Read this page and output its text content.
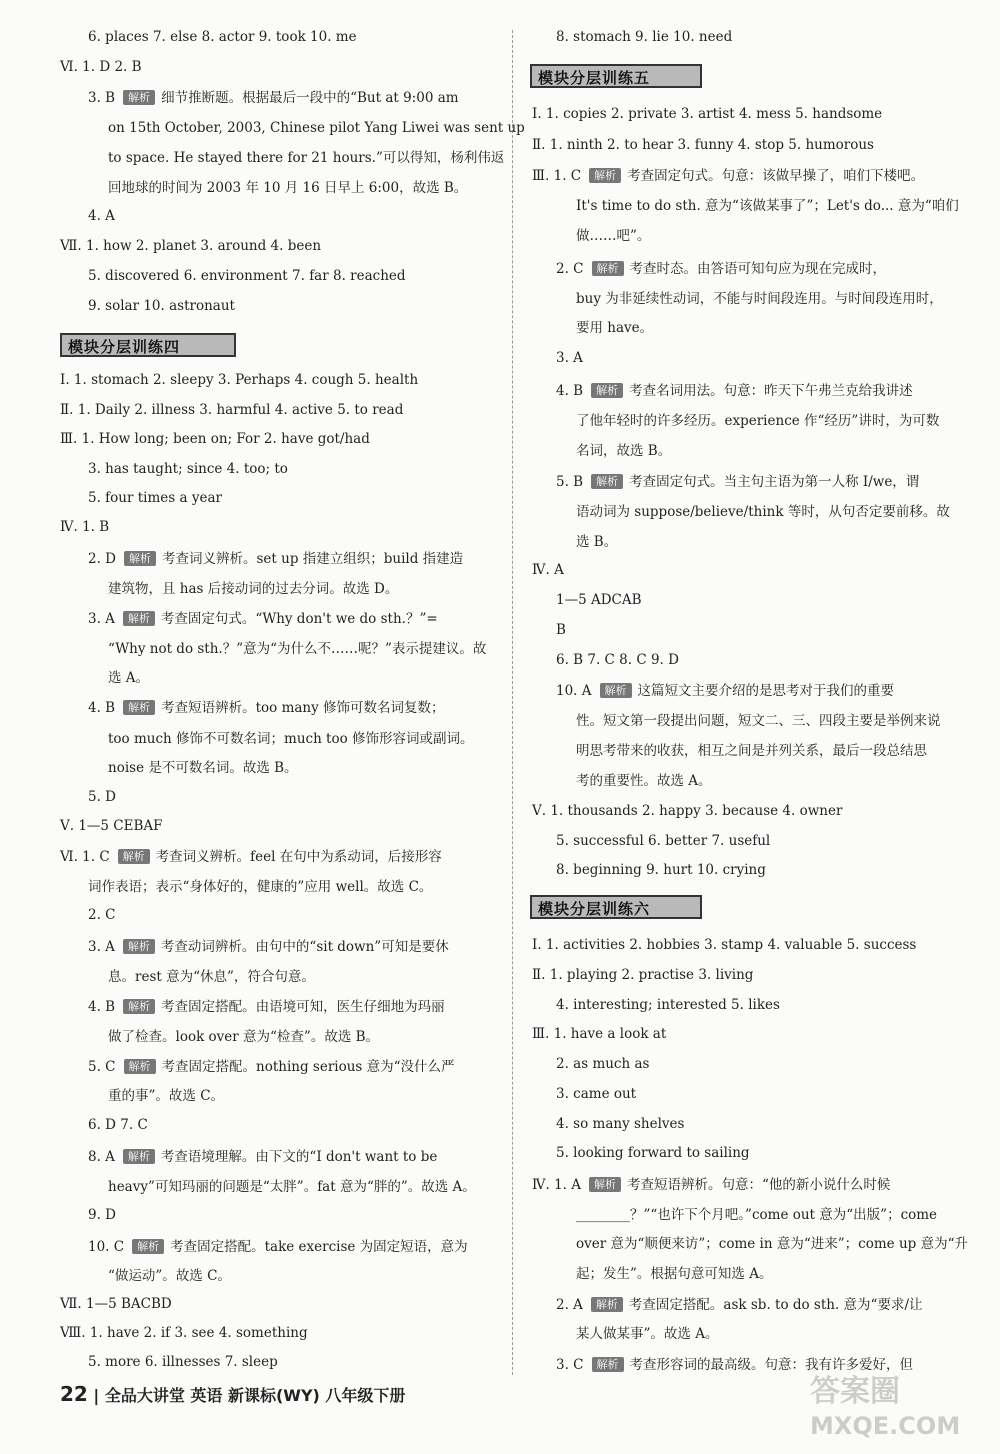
6. places 7. else 8. actor 9. took 10. me
Ⅵ. 1. D 2. B
3. B 解析 细节推断题。根据最后一段中的“But at 9:00 am
on 15th October, 2003, Chinese pilot Yang Liwei was sent up
to space. He stayed there for 21 hours.”可以得知，杨利伟返
回地球的时间为 2003 年 10 月 16 日早上 6:00，故选 B。
4. A
Ⅶ. 1. how 2. planet 3. around 4. been
5. discovered 6. environment 7. far 8. reached
9. solar 10. astronaut
Ⅰ. 1. stomach 2. sleepy 3. Perhaps 4. cough 5. health
Ⅱ. 1. Daily 2. illness 3. harmful 4. active 5. to read
Ⅲ. 1. How long; been on; For 2. have got/had
3. has taught; since 4. too; to
5. four times a year
Ⅳ. 1. B
2. D 解析 考查词义辨析。set up 指建立组织；build 指建造
建筑物，且 has 后接动词的过去分词。故选 D。
3. A 解析 考查固定句式。“Why don't we do sth.？”=
“Why not do sth.？”意为“为什么不……呢？”表示提建议。故
选 A。
4. B 解析 考查短语辨析。too many 修饰可数名词复数；
too much 修饰不可数名词；much too 修饰形容词或副词。
noise 是不可数名词。故选 B。
5. D
Ⅴ. 1—5 CEBAF
Ⅵ. 1. C 解析 考查词义辨析。feel 在句中为系动词，后接形容
词作表语；表示“身体好的，健康的”应用 well。故选 C。
2. C
3. A 解析 考查动词辨析。由句中的“sit down”可知是要休
息。rest 意为“休息”，符合句意。
4. B 解析 考查固定搭配。由语境可知，医生仔细地为玛丽
做了检查。look over 意为“检查”。故选 B。
5. C 解析 考查固定搭配。nothing serious 意为“没什么严
重的事”。故选 C。
6. D 7. C
8. A 解析 考查语境理解。由下文的“I don't want to be
heavy”可知玛丽的问题是“太胖”。fat 意为“胖的”。故选 A。
9. D
10. C 解析 考查固定搭配。take exercise 为固定短语，意为
“做运动”。故选 C。
Ⅶ. 1—5 BACBD
Ⅷ. 1. have 2. if 3. see 4. something
5. more 6. illnesses 7. sleep
8. stomach 9. lie 10. need
Ⅰ. 1. copies 2. private 3. artist 4. mess 5. handsome
Ⅱ. 1. ninth 2. to hear 3. funny 4. stop 5. humorous
Ⅲ. 1. C 解析 考查固定句式。句意：该做早操了，咱们下楼吧。
It's time to do sth. 意为“该做某事了”；Let's do... 意为“咱们
做……吧”。
2. C 解析 考查时态。由答语可知句应为现在完成时，
buy 为非延续性动词，不能与时间段连用。与时间段连用时，
要用 have。
3. A
4. B 解析 考查名词用法。句意：昨天下午弗兰克给我讲述
了他年轻时的许多经历。experience 作“经历”讲时，为可数
名词，故选 B。
5. B 解析 考查固定句式。当主句主语为第一人称 I/we，谓
语动词为 suppose/believe/think 等时，从句否定要前移。故
选 B。
Ⅳ. A
1—5 ADCAB
B
6. B 7. C 8. C 9. D
10. A 解析 这篇短文主要介绍的是思考对于我们的重要
性。短文第一段提出问题，短文二、三、四段主要是举例来说
明思考带来的收获，相互之间是并列关系，最后一段总结思
考的重要性。故选 A。
Ⅴ. 1. thousands 2. happy 3. because 4. owner
5. successful 6. better 7. useful
8. beginning 9. hurt 10. crying
Ⅰ. 1. activities 2. hobbies 3. stamp 4. valuable 5. success
Ⅱ. 1. playing 2. practise 3. living
4. interesting; interested 5. likes
Ⅲ. 1. have a look at
2. as much as
3. came out
4. so many shelves
5. looking forward to sailing
Ⅳ. 1. A 解析 考查短语辨析。句意：“他的新小说什么时候
________？”“也许下个月吧。”come out 意为“出版”；come
over 意为“顺便来访”；come in 意为“进来”；come up 意为“升
起；发生”。根据句意可知选 A。
2. A 解析 考查固定搭配。ask sb. to do sth. 意为“要求/让
某人做某事”。故选 A。
3. C 解析 考查形容词的最高级。句意：我有许多爱好，但
模块分层训练四
模块分层训练五
模块分层训练六
22 | 全品大讲堂 英语 新课标(WY) 八年级下册	答案圈
MXQE.COM
